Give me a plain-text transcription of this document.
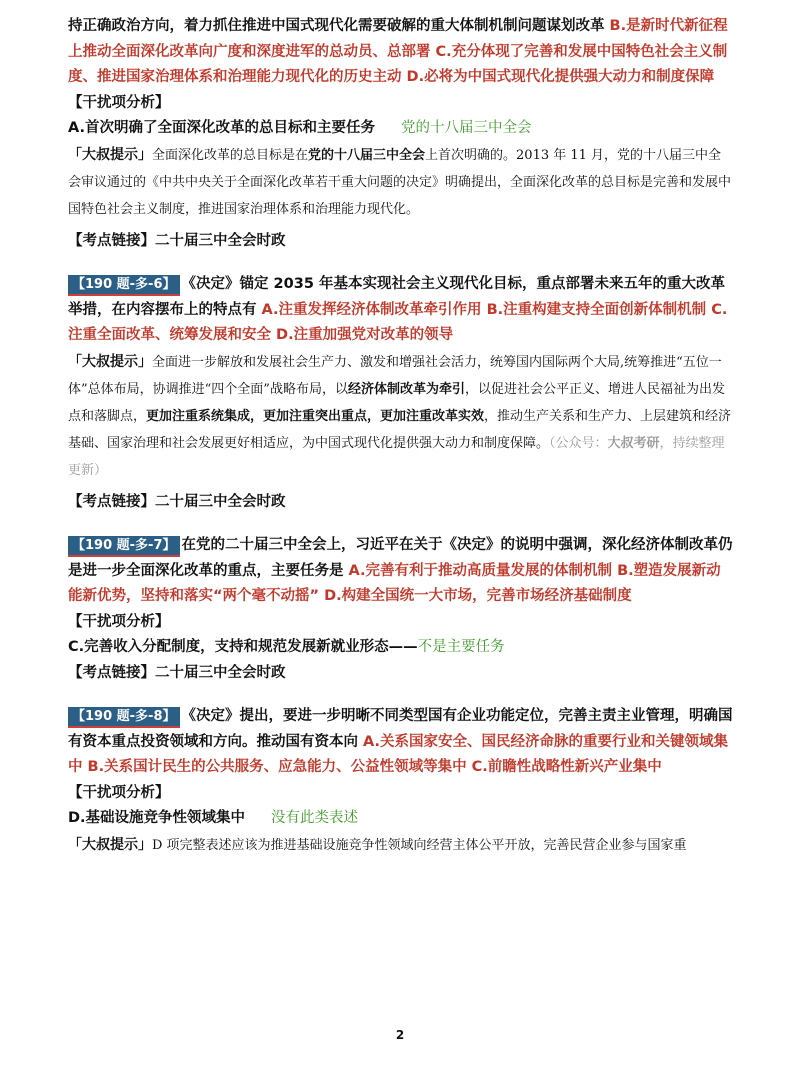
持正确政治方向，着力抓住推进中国式现代化需要破解的重大体制机制问题谋划改革 B.是新时代新征程上推动全面深化改革向广度和深度进军的总动员、总部署 C.充分体现了完善和发展中国特色社会主义制度、推进国家治理体系和治理能力现代化的历史主动 D.必将为中国式现代化提供强大动力和制度保障

【干扰项分析】

A.首次明确了全面深化改革的总目标和主要任务 党的十八届三中全会

「大叔提示」全面深化改革的总目标是在党的十八届三中全会上首次明确的。2013 年 11 月，党的十八届三中全会审议通过的《中共中央关于全面深化改革若干重大问题的决定》明确提出，全面深化改革的总目标是完善和发展中国特色社会主义制度，推进国家治理体系和治理能力现代化。

【考点链接】二十届三中全会时政

【190 题-多-6】 《决定》锚定 2035 年基本实现社会主义现代化目标，重点部署未来五年的重大改革举措，在内容摆布上的特点有 A.注重发挥经济体制改革牵引作用 B.注重构建支持全面创新体制机制 C.注重全面改革、统筹发展和安全 D.注重加强党对改革的领导

「大叔提示」全面进一步解放和发展社会生产力、激发和增强社会活力，统筹国内国际两个大局,统筹推进“五位一体”总体布局，协调推进“四个全面”战略布局，以经济体制改革为牵引，以促进社会公平正义、增进人民福祉为出发点和落脚点，更加注重系统集成，更加注重突出重点，更加注重改革实效，推动生产关系和生产力、上层建筑和经济基础、国家治理和社会发展更好相适应，为中国式现代化提供强大动力和制度保障。（公众号：大叔考研，持续整理更新）

【考点链接】二十届三中全会时政

【190 题-多-7】 在党的二十届三中全会上，习近平在关于《决定》的说明中强调，深化经济体制改革仍是进一步全面深化改革的重点，主要任务是 A.完善有利于推动高质量发展的体制机制 B.塑造发展新动能新优势，坚持和落实“两个毫不动摇” D.构建全国统一大市场，完善市场经济基础制度

【干扰项分析】

C.完善收入分配制度，支持和规范发展新就业形态——不是主要任务

【考点链接】二十届三中全会时政

【190 题-多-8】 《决定》提出，要进一步明晰不同类型国有企业功能定位，完善主责主业管理，明确国有资本重点投资领域和方向。推动国有资本向 A.关系国家安全、国民经济命脉的重要行业和关键领域集中 B.关系国计民生的公共服务、应急能力、公益性领域等集中 C.前瞻性战略性新兴产业集中

【干扰项分析】

D.基础设施竞争性领域集中 没有此类表述

「大叔提示」D 项完整表述应该为推进基础设施竞争性领域向经营主体公平开放，完善民营企业参与国家重

2
